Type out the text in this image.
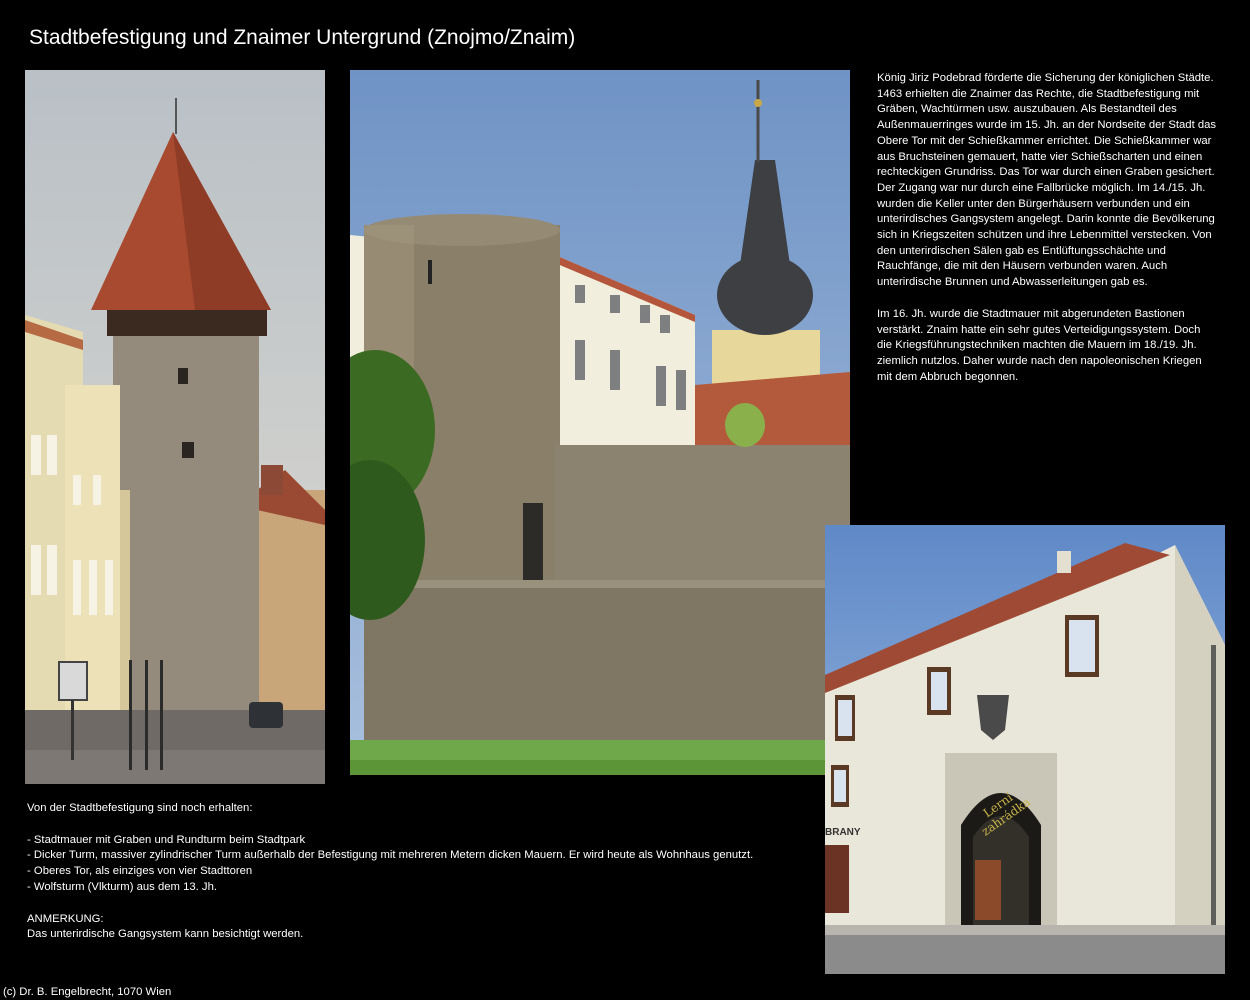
Stadtbefestigung und Znaimer Untergrund (Znojmo/Znaim)
Lerní zahrádka
BRANY

König Jiriz Podebrad förderte die Sicherung der königlichen Städte. 1463 erhielten die Znaimer das Rechte, die Stadtbefestigung mit Gräben, Wachtürmen usw. auszubauen. Als Bestandteil des Außenmauerringes wurde im 15. Jh. an der Nordseite der Stadt das Obere Tor mit der Schießkammer errichtet. Die Schießkammer war aus Bruchsteinen gemauert, hatte vier Schießscharten und einen rechteckigen Grundriss. Das Tor war durch einen Graben gesichert. Der Zugang war nur durch eine Fallbrücke möglich. Im 14./15. Jh. wurden die Keller unter den Bürgerhäusern verbunden und ein unterirdisches Gangsystem angelegt. Darin konnte die Bevölkerung sich in Kriegszeiten schützen und ihre Lebenmittel verstecken. Von den unterirdischen Sälen gab es Entlüftungsschächte und Rauchfänge, die mit den Häusern verbunden waren. Auch unterirdische Brunnen und Abwasserleitungen gab es.

Im 16. Jh. wurde die Stadtmauer mit abgerundeten Bastionen verstärkt. Znaim hatte ein sehr gutes Verteidigungssystem. Doch die Kriegsführungstechniken machten die Mauern im 18./19. Jh. ziemlich nutzlos. Daher wurde nach den napoleonischen Kriegen mit dem Abbruch begonnen.

Von der Stadtbefestigung sind noch erhalten:
- Stadtmauer mit Graben und Rundturm beim Stadtpark
- Dicker Turm, massiver zylindrischer Turm außerhalb der Befestigung mit mehreren Metern dicken Mauern. Er wird heute als Wohnhaus genutzt.
- Oberes Tor, als einziges von vier Stadttoren
- Wolfsturm (Vlkturm) aus dem 13. Jh.
ANMERKUNG:
Das unterirdische Gangsystem kann besichtigt werden.
(c) Dr. B. Engelbrecht, 1070 Wien
